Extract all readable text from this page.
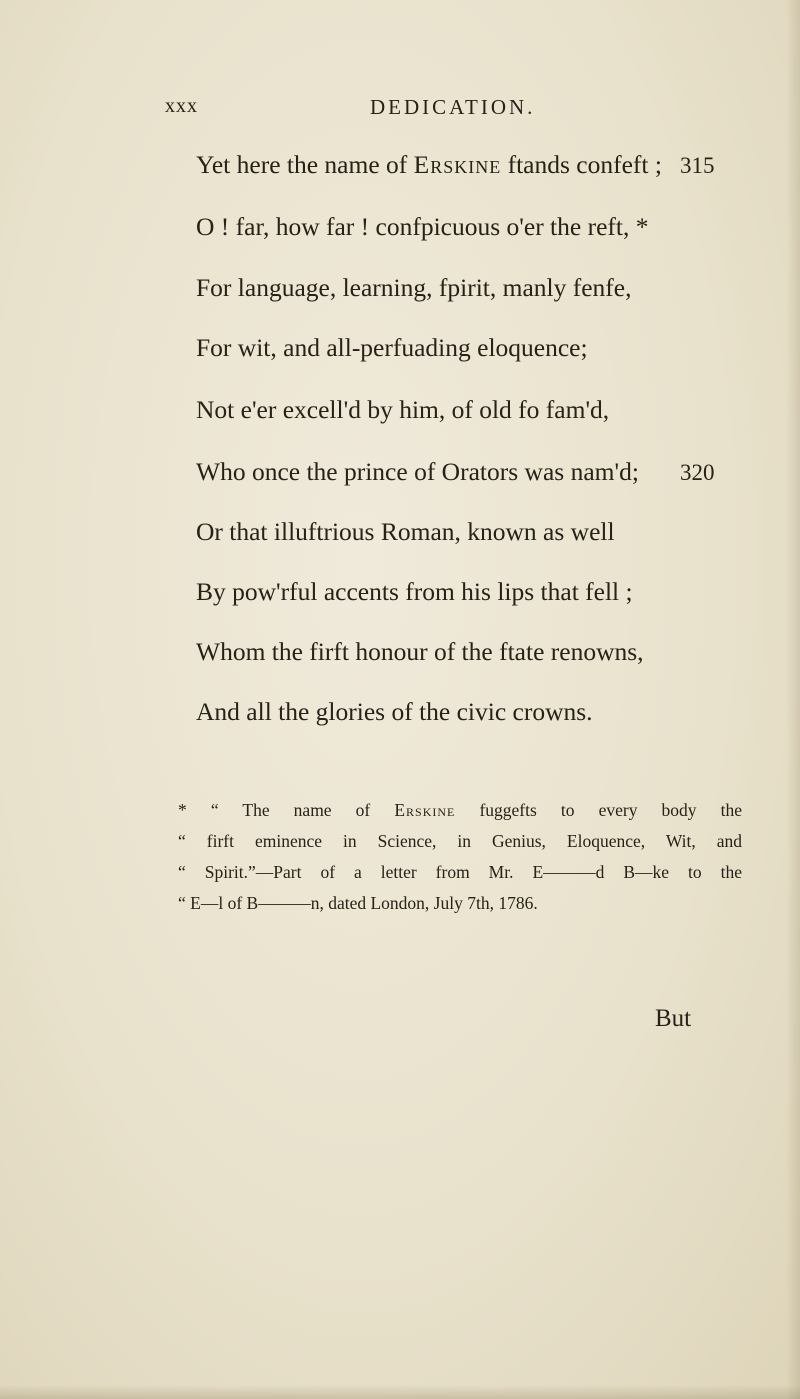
xxx	DEDICATION.
Yet here the name of Erskine ftands confeft ; 315
O ! far, how far ! confpicuous o'er the reft, *
For language, learning, fpirit, manly fenfe,
For wit, and all-perfuading eloquence;
Not e'er excell'd by him, of old fo fam'd,
Who once the prince of Orators was nam'd;	320
Or that illuftrious Roman, known as well
By pow'rful accents from his lips that fell ;
Whom the firft honour of the ftate renowns,
And all the glories of the civic crowns.
* “ The name of Erskine fuggefts to every body the
“ firft eminence in Science, in Genius, Eloquence, Wit, and
“ Spirit.”—Part of a letter from Mr. E———d B—ke to the
“ E—l of B———n, dated London, July 7th, 1786.
But
